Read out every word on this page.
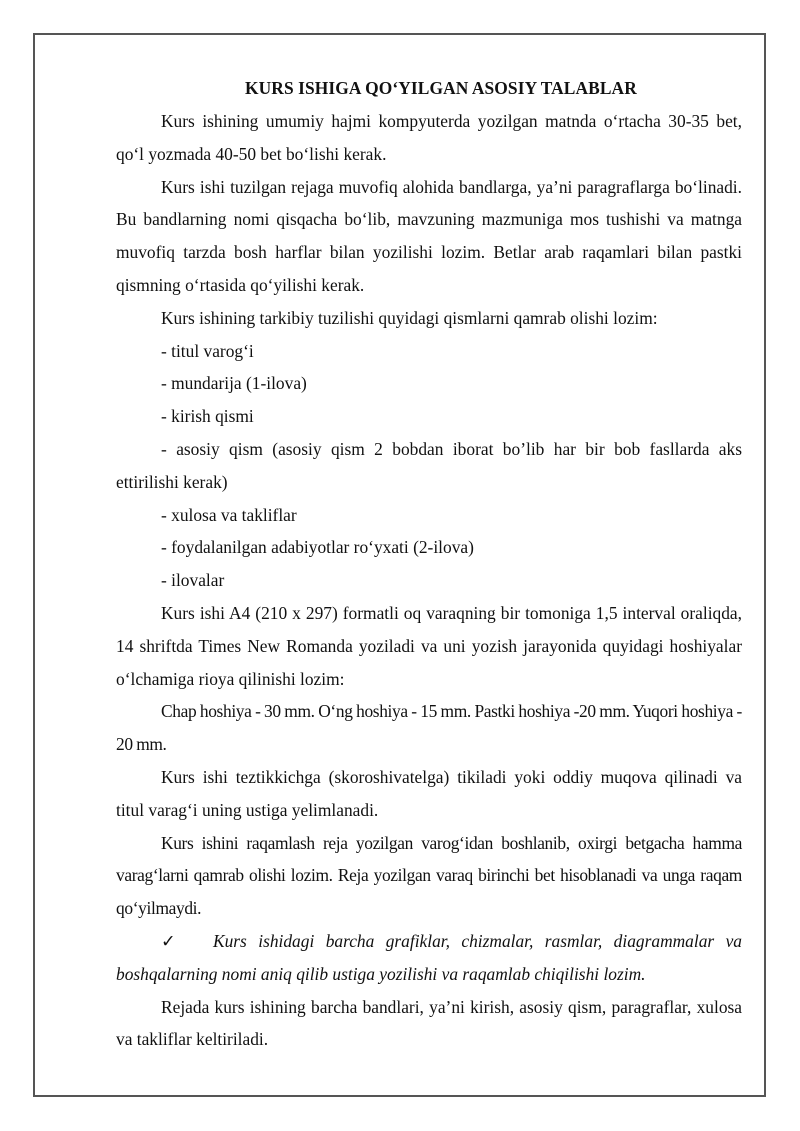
KURS ISHIGA QO‘YILGAN ASOSIY TALABLAR

Kurs ishining umumiy hajmi kompyuterda yozilgan matnda o‘rtacha 30-35 bet, qo‘l yozmada 40-50 bet bo‘lishi kerak.

Kurs ishi tuzilgan rejaga muvofiq alohida bandlarga, ya’ni paragraflarga bo‘linadi. Bu bandlarning nomi qisqacha bo‘lib, mavzuning mazmuniga mos tushishi va matnga muvofiq tarzda bosh harflar bilan yozilishi lozim. Betlar arab raqamlari bilan pastki qismning o‘rtasida qo‘yilishi kerak.

Kurs ishining tarkibiy tuzilishi quyidagi qismlarni qamrab olishi lozim:

- titul varog‘i

- mundarija (1-ilova)

- kirish qismi

- asosiy qism (asosiy qism 2 bobdan iborat bo’lib har bir bob fasllarda aks ettirilishi kerak)

- xulosa va takliflar

- foydalanilgan adabiyotlar ro‘yxati (2-ilova)

- ilovalar

Kurs ishi A4 (210 x 297) formatli oq varaqning bir tomoniga 1,5 interval oraliqda, 14 shriftda Times New Romanda yoziladi va uni yozish jarayonida quyidagi hoshiyalar o‘lchamiga rioya qilinishi lozim:

Chap hoshiya - 30 mm. O‘ng hoshiya - 15 mm. Pastki hoshiya -20 mm. Yuqori hoshiya - 20 mm.

Kurs ishi teztikkichga (skoroshivatelga) tikiladi yoki oddiy muqova qilinadi va titul varag‘i uning ustiga yelimlanadi.

Kurs ishini raqamlash reja yozilgan varog‘idan boshlanib, oxirgi betgacha hamma varag‘larni qamrab olishi lozim. Reja yozilgan varaq birinchi bet hisoblanadi va unga raqam qo‘yilmaydi.

✓ Kurs ishidagi barcha grafiklar, chizmalar, rasmlar, diagrammalar va boshqalarning nomi aniq qilib ustiga yozilishi va raqamlab chiqilishi lozim.

Rejada kurs ishining barcha bandlari, ya’ni kirish, asosiy qism, paragraflar, xulosa va takliflar keltiriladi.
